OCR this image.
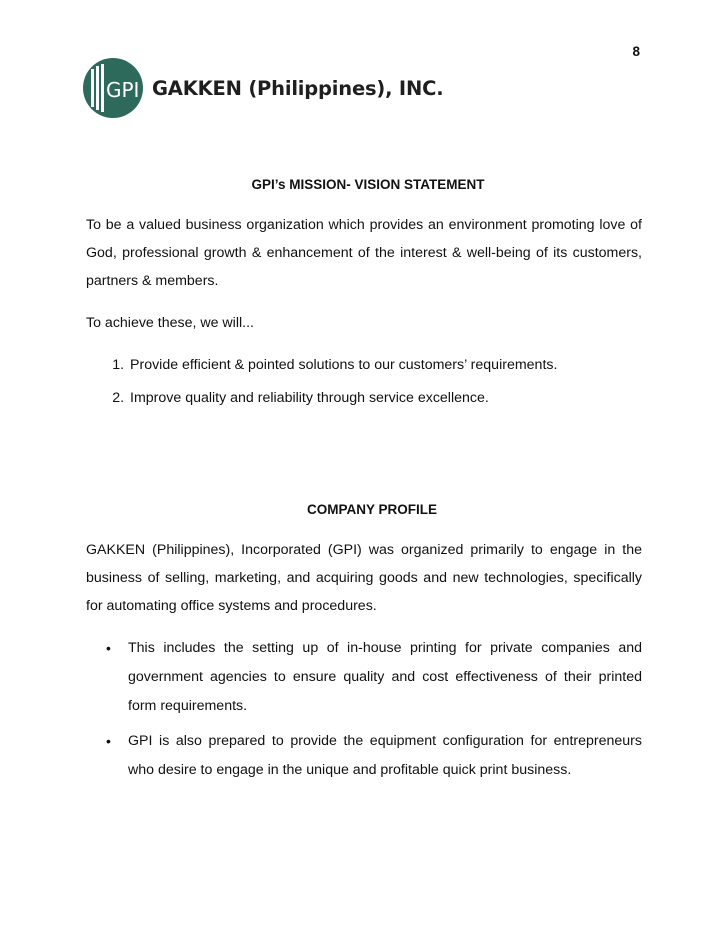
8
GPI GAKKEN (Philippines), INC.
GPI’s MISSION- VISION STATEMENT

To be a valued business organization which provides an environment promoting love of God, professional growth & enhancement of the interest & well-being of its customers, partners & members.

To achieve these, we will...

1. Provide efficient & pointed solutions to our customers’ requirements.
2. Improve quality and reliability through service excellence.
COMPANY PROFILE

GAKKEN (Philippines), Incorporated (GPI) was organized primarily to engage in the business of selling, marketing, and acquiring goods and new technologies, specifically for automating office systems and procedures.

• This includes the setting up of in-house printing for private companies and government agencies to ensure quality and cost effectiveness of their printed form requirements.
• GPI is also prepared to provide the equipment configuration for entrepreneurs who desire to engage in the unique and profitable quick print business.
